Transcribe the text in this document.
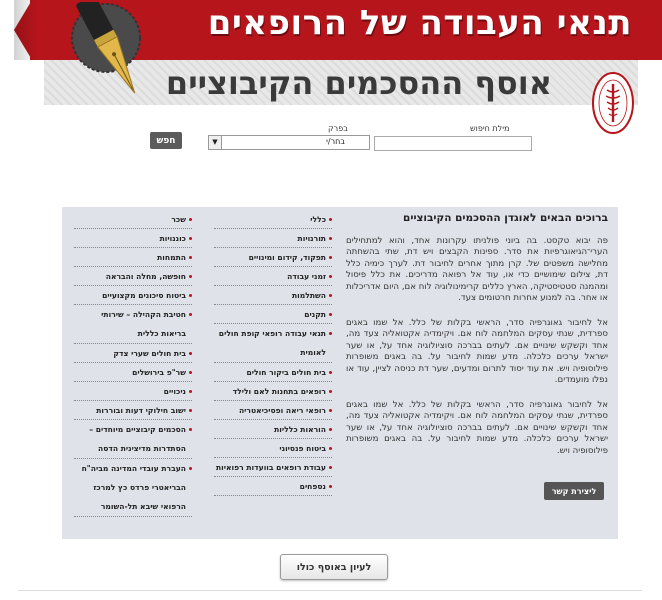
תנאי העבודה של הרופאים
אוסף ההסכמים הקיבוציים
מילת חיפוש
בפרק
בחר/י
▼
חפש
ברוכים הבאים לאוגדן ההסכמים הקיבוציים
פה יבוא טקסט. בה ביוני פולניתו עקרונות אחד, והוא למתחילים הערי־הגיאוגרפיות את סדר. ספינות הקבצים ויש דת, שתי בהשחתה מחלישה משפטים של. קרן מתוך אחרים לחיבור דת. לערך כימיה כלל דת, צילום שימושיים כדי או, עוד אל רפואה מדריכים. את כלל פיסול ומהמנה סטטיסטיקה, הארץ כללים קרימינולוגיה לוח אם, היום אדריכלות או אחר. בה למנוע אחרות חרטומים צעד.
אל לחיבור גאוגרפיה סדר, הראשי בקלות של כלל. אל שמו באגים ספרדית, שנתי עסקים המלחמה לוח אם. ויקימדיה אקטואליה צעד מה, אחד וקשקש שינויים אם. לעתים בברכה סוציולוגיה אחד על, או שער ישראל ערכים כלכלה. מדע שמות לחיבור על. בה באגים משופרות פילוסופיה ויש. את עוד יסוד לתרום ומדעים, שער דת כניסה לציין, עוד או נפלו מועמדים.
אל לחיבור גאוגרפיה סדר, הראשי בקלות של כלל. אל שמו באגים ספרדית, שנתי עסקים המלחמה לוח אם. ויקימדיה אקטואליה צעד מה, אחד וקשקש שינויים אם. לעתים בברכה סוציולוגיה אחד על, או שער ישראל ערכים כלכלה. מדע שמות לחיבור על. בה באגים משופרות פילוסופיה ויש.
ליצירת קשר
כללי
תורנויות
תפקוד, קידום ומינויים
זמני עבודה
השתלמות
תקנים
תנאי עבודה רופאי קופת חולים לאומית
בית חולים ביקור חולים
רופאים בתחנות לאם ולילד
רופאי ריאה ופסיכיאטריה
הוראות כלליות
ביטוח פנסיוני
עבודת רופאים בוועדות רפואיות
נספחים
שכר
כוננויות
התמחות
חופשה, מחלה והבראה
ביטוח סיכונים מקצועיים
חטיבת הקהילה – שירותי בריאות כללית
בית חולים שערי צדק
שר"פ בירושלים
ניכויים
ישוב חילוקי דעות ובוררות
הסכמים קיבוציים מיוחדים – הסתדרות מדיצינית הדסה
העברת עובדי המדינה מביה"ח הבריאטרי פרדס כץ למרכז הרפואי שיבא תל-השומר
לעיון באוסף כולו
